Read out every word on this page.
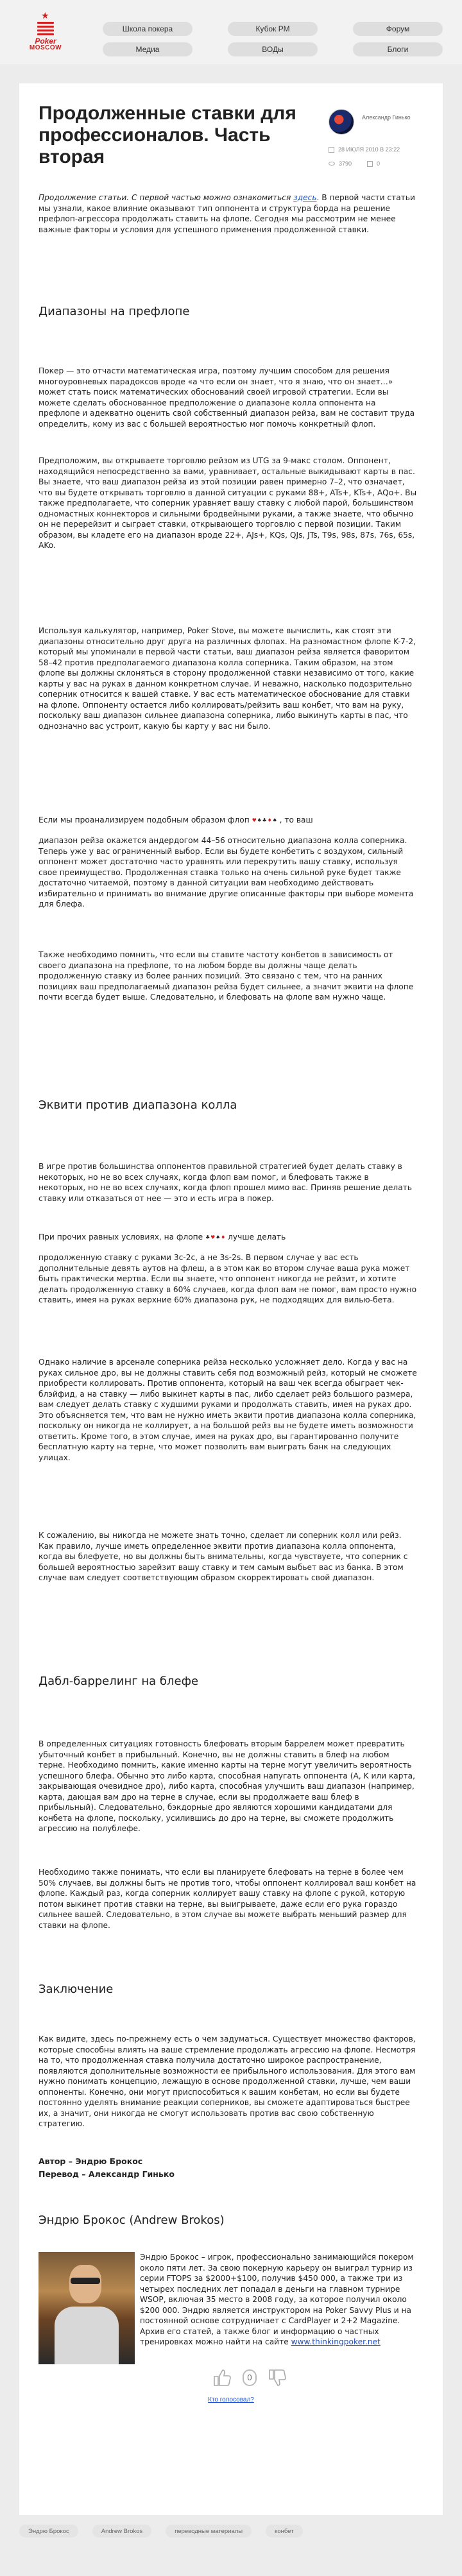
★
Poker
MOSCOW
Школа покера	Кубок РМ	Форум
Медиа	ВОДы	Блоги
Продолженные ставки для профессионалов. Часть вторая
Александр Гинько
28 ИЮЛЯ 2010 В 23:22
3790	0

Продолжение статьи. С первой частью можно ознакомиться здесь. В первой части статьи мы узнали, какое влияние оказывают тип оппонента и структура борда на решение префлоп-агрессора продолжать ставить на флопе. Сегодня мы рассмотрим не менее важные факторы и условия для успешного применения продолженной ставки.

Диапазоны на префлопе

Покер — это отчасти математическая игра, поэтому лучшим способом для решения многоуровневых парадоксов вроде «а что если он знает, что я знаю, что он знает…» может стать поиск математических обоснований своей игровой стратегии. Если вы можете сделать обоснованное предположение о диапазоне колла оппонента на префлопе и адекватно оценить свой собственный диапазон рейза, вам не составит труда определить, кому из вас с большей вероятностью мог помочь конкретный флоп.

Предположим, вы открываете торговлю рейзом из UTG за 9-макс столом. Оппонент, находящийся непосредственно за вами, уравнивает, остальные выкидывают карты в пас. Вы знаете, что ваш диапазон рейза из этой позиции равен примерно 7–2, что означает, что вы будете открывать торговлю в данной ситуации с руками 88+, ATs+, KTs+, AQo+. Вы также предполагаете, что соперник уравняет вашу ставку с любой парой, большинством одномастных коннекторов и сильными бродвейными руками, а также знаете, что обычно он не перерейзит и сыграет ставки, открывающего торговлю с первой позиции. Таким образом, вы кладете его на диапазон вроде 22+, AJs+, KQs, QJs, JTs, T9s, 98s, 87s, 76s, 65s, AKo.

Используя калькулятор, например, Poker Stove, вы можете вычислить, как стоят эти диапазоны относительно друг друга на различных флопах. На разномастном флопе K-7-2, который мы упоминали в первой части статьи, ваш диапазон рейза является фаворитом 58–42 против предполагаемого диапазона колла соперника. Таким образом, на этом флопе вы должны склоняться в сторону продолженной ставки независимо от того, какие карты у вас на руках в данном конкретном случае. И неважно, насколько подозрительно соперник относится к вашей ставке. У вас есть математическое обоснование для ставки на флопе. Оппоненту остается либо коллировать/рейзить ваш конбет, что вам на руку, поскольку ваш диапазон сильнее диапазона соперника, либо выкинуть карты в пас, что однозначно вас устроит, какую бы карту у вас ни было.

Если мы проанализируем подобным образом флоп ♥ ♠ ♣ ♦ ♠ , то ваш

диапазон рейза окажется андердогом 44–56 относительно диапазона колла соперника. Теперь уже у вас ограниченный выбор. Если вы будете конбетить с воздухом, сильный оппонент может достаточно часто уравнять или перекрутить вашу ставку, используя свое преимущество. Продолженная ставка только на очень сильной руке будет также достаточно читаемой, поэтому в данной ситуации вам необходимо действовать избирательно и принимать во внимание другие описанные факторы при выборе момента для блефа.

Также необходимо помнить, что если вы ставите частоту конбетов в зависимость от своего диапазона на префлопе, то на любом борде вы должны чаще делать продолженную ставку из более ранних позиций. Это связано с тем, что на ранних позициях ваш предполагаемый диапазон рейза будет сильнее, а значит эквити на флопе почти всегда будет выше. Следовательно, и блефовать на флопе вам нужно чаще.

Эквити против диапазона колла

В игре против большинства оппонентов правильной стратегией будет делать ставку в некоторых, но не во всех случаях, когда флоп вам помог, и блефовать также в некоторых, но не во всех случаях, когда флоп прошел мимо вас. Приняв решение делать ставку или отказаться от нее — это и есть игра в покер.

При прочих равных условиях, на флопе ♣ ♥ ♠ ♦ лучше делать

продолженную ставку с руками 3c-2c, а не 3s-2s. В первом случае у вас есть дополнительные девять аутов на флеш, а в этом как во втором случае ваша рука может быть практически мертва. Если вы знаете, что оппонент никогда не рейзит, и хотите делать продолженную ставку в 60% случаев, когда флоп вам не помог, вам просто нужно ставить, имея на руках верхние 60% диапазона рук, не подходящих для вилью-бета.

Однако наличие в арсенале соперника рейза несколько усложняет дело. Когда у вас на руках сильное дро, вы не должны ставить себя под возможный рейз, который не сможете приобрести коллировать. Против оппонента, который на ваш чек всегда обыграет чек-блэйфид, а на ставку — либо выкинет карты в пас, либо сделает рейз большого размера, вам следует делать ставку с худшими руками и продолжать ставить, имея на руках дро. Это объясняется тем, что вам не нужно иметь эквити против диапазона колла соперника, поскольку он никогда не коллирует, а на большой рейз вы не будете иметь возможности ответить. Кроме того, в этом случае, имея на руках дро, вы гарантированно получите бесплатную карту на терне, что может позволить вам выиграть банк на следующих улицах.

К сожалению, вы никогда не можете знать точно, сделает ли соперник колл или рейз. Как правило, лучше иметь определенное эквити против диапазона колла оппонента, когда вы блефуете, но вы должны быть внимательны, когда чувствуете, что соперник с большей вероятностью зарейзит вашу ставку и тем самым выбьет вас из банка. В этом случае вам следует соответствующим образом скорректировать свой диапазон.

Дабл-баррелинг на блефе

В определенных ситуациях готовность блефовать вторым баррелем может превратить убыточный конбет в прибыльный. Конечно, вы не должны ставить в блеф на любом терне. Необходимо помнить, какие именно карты на терне могут увеличить вероятность успешного блефа. Обычно это либо карта, способная напугать оппонента (A, K или карта, закрывающая очевидное дро), либо карта, способная улучшить ваш диапазон (например, карта, дающая вам дро на терне в случае, если вы продолжаете ваш блеф в прибыльный). Следовательно, бэкдорные дро являются хорошими кандидатами для конбета на флопе, поскольку, усилившись до дро на терне, вы сможете продолжить агрессию на полублефе.

Необходимо также понимать, что если вы планируете блефовать на терне в более чем 50% случаев, вы должны быть не против того, чтобы оппонент коллировал ваш конбет на флопе. Каждый раз, когда соперник коллирует вашу ставку на флопе с рукой, которую потом выкинет против ставки на терне, вы выигрываете, даже если его рука гораздо сильнее вашей. Следовательно, в этом случае вы можете выбрать меньший размер для ставки на флопе.

Заключение

Как видите, здесь по-прежнему есть о чем задуматься. Существует множество факторов, которые способны влиять на ваше стремление продолжать агрессию на флопе. Несмотря на то, что продолженная ставка получила достаточно широкое распространение, появляются дополнительные возможности ее прибыльного использования. Для этого вам нужно понимать концепцию, лежащую в основе продолженной ставки, лучше, чем ваши оппоненты. Конечно, они могут приспособиться к вашим конбетам, но если вы будете постоянно уделять внимание реакции соперников, вы сможете адаптироваться быстрее их, а значит, они никогда не смогут использовать против вас свою собственную стратегию.

Автор – Эндрю Брокос
Перевод – Александр Гинько
Эндрю Брокос (Andrew Brokos)

Эндрю Брокос – игрок, профессионально занимающийся покером около пяти лет. За свою покерную карьеру он выиграл турнир из серии FTOPS за $2000+$100, получив $450 000, а также три из четырех последних лет попадал в деньги на главном турнире WSOP, включая 35 место в 2008 году, за которое получил около $200 000. Эндрю является инструктором на Poker Savvy Plus и на постоянной основе сотрудничает с CardPlayer и 2+2 Magazine. Архив его статей, а также блог и информацию о частных тренировках можно найти на сайте www.thinkingpoker.net

0
Кто голосовал?
Эндрю Брокос	Andrew Brokos	переводные материалы	конбет
